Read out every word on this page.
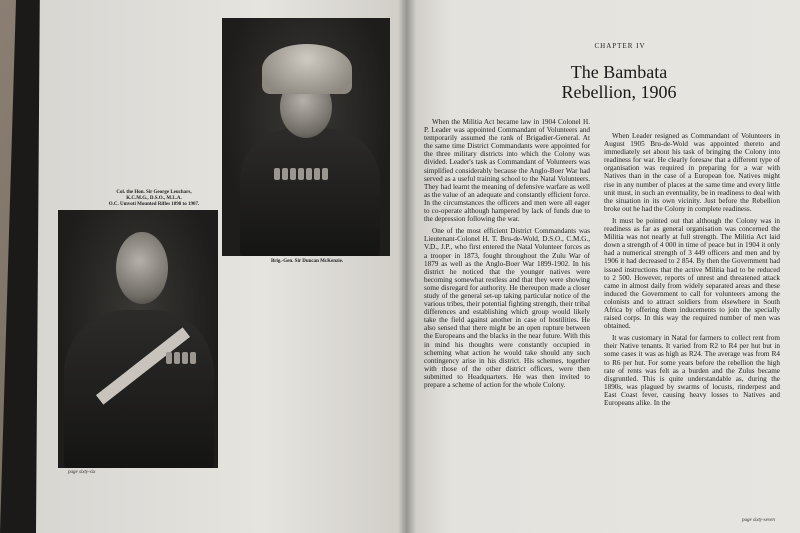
Col. the Hon. Sir George Leuchars,
K.C.M.G., D.S.O., M.L.A.
O.C. Umvoti Mounted Rifles 1898 to 1907.
Brig.-Gen. Sir Duncan McKenzie.
page sixty-six
CHAPTER IV
The Bambata
Rebellion, 1906

When the Militia Act became law in 1904 Colonel H. P. Leader was appointed Commandant of Volunteers and temporarily assumed the rank of Brigadier-General. At the same time District Commandants were appointed for the three military districts into which the Colony was divided. Leader's task as Commandant of Volunteers was simplified considerably because the Anglo-Boer War had served as a useful training school to the Natal Volunteers. They had learnt the meaning of defensive warfare as well as the value of an adequate and constantly efficient force. In the circumstances the officers and men were all eager to co-operate although hampered by lack of funds due to the depression following the war.

One of the most efficient District Commandants was Lieutenant-Colonel H. T. Bru-de-Wold, D.S.O., C.M.G., V.D., J.P., who first entered the Natal Volunteer forces as a trooper in 1873, fought throughout the Zulu War of 1879 as well as the Anglo-Boer War 1899-1902. In his district he noticed that the younger natives were becoming somewhat restless and that they were showing some disregard for authority. He thereupon made a closer study of the general set-up taking particular notice of the various tribes, their potential fighting strength, their tribal differences and establishing which group would likely take the field against another in case of hostilities. He also sensed that there might be an open rupture between the Europeans and the blacks in the near future. With this in mind his thoughts were constantly occupied in scheming what action he would take should any such contingency arise in his district. His schemes, together with those of the other district officers, were then submitted to Headquarters. He was then invited to prepare a scheme of action for the whole Colony.

When Leader resigned as Commandant of Volunteers in August 1905 Bru-de-Wold was appointed thereto and immediately set about his task of bringing the Colony into readiness for war. He clearly foresaw that a different type of organisation was required in preparing for a war with Natives than in the case of a European foe. Natives might rise in any number of places at the same time and every little unit must, in such an eventuality, be in readiness to deal with the situation in its own vicinity. Just before the Rebellion broke out he had the Colony in complete readiness.

It must be pointed out that although the Colony was in readiness as far as general organisation was concerned the Militia was not nearly at full strength. The Militia Act laid down a strength of 4 000 in time of peace but in 1904 it only had a numerical strength of 3 449 officers and men and by 1906 it had decreased to 2 854. By then the Government had issued instructions that the active Militia had to be reduced to 2 500. However, reports of unrest and threatened attack came in almost daily from widely separated areas and these induced the Government to call for volunteers among the colonists and to attract soldiers from elsewhere in South Africa by offering them inducements to join the specially raised corps. In this way the required number of men was obtained.

It was customary in Natal for farmers to collect rent from their Native tenants. It varied from R2 to R4 per hut but in some cases it was as high as R24. The average was from R4 to R6 per hut. For some years before the rebellion the high rate of rents was felt as a burden and the Zulus became disgruntled. This is quite understandable as, during the 1890s, was plagued by swarms of locusts, rinderpest and East Coast fever, causing heavy losses to Natives and Europeans alike. In the

page sixty-seven
